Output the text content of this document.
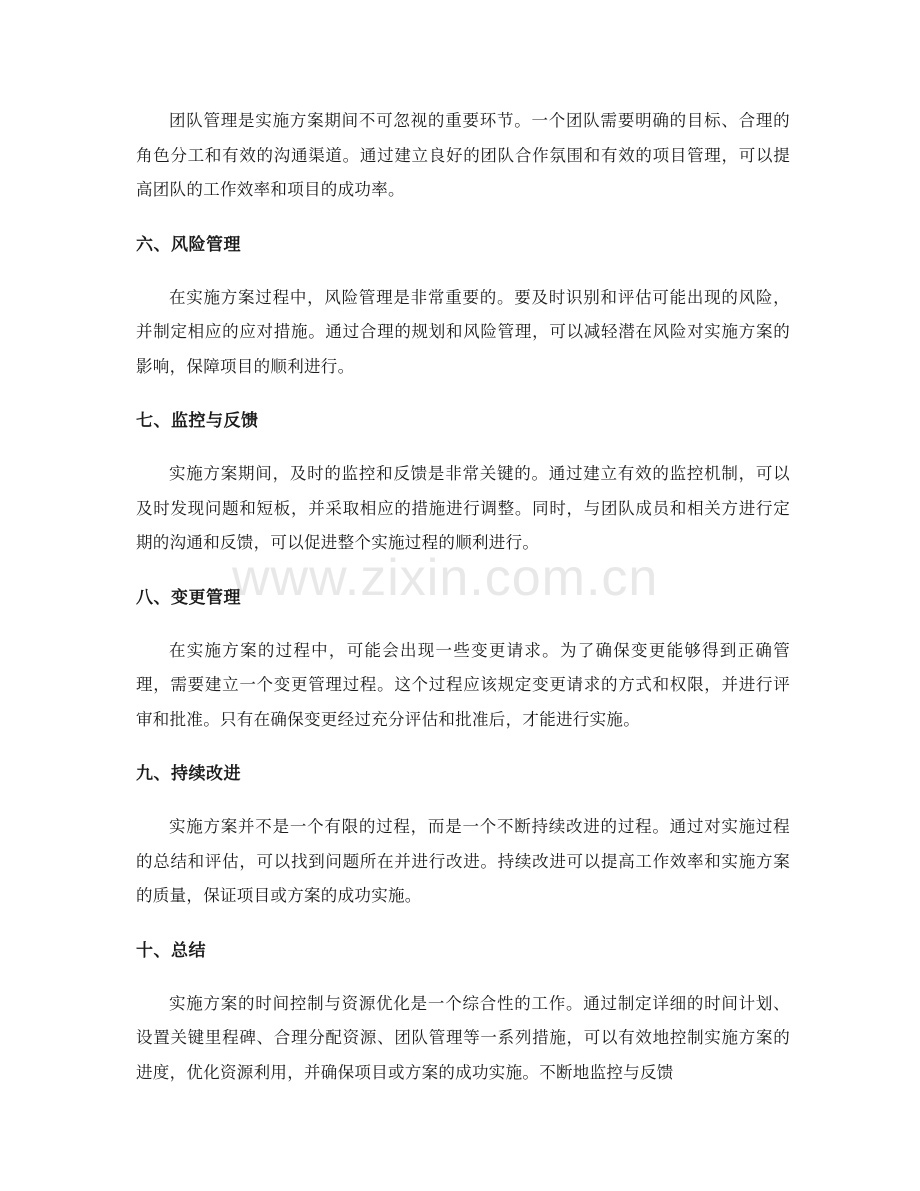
团队管理是实施方案期间不可忽视的重要环节。一个团队需要明确的目标、合理的角色分工和有效的沟通渠道。通过建立良好的团队合作氛围和有效的项目管理，可以提高团队的工作效率和项目的成功率。

六、风险管理

在实施方案过程中，风险管理是非常重要的。要及时识别和评估可能出现的风险，并制定相应的应对措施。通过合理的规划和风险管理，可以减轻潜在风险对实施方案的影响，保障项目的顺利进行。

七、监控与反馈

实施方案期间，及时的监控和反馈是非常关键的。通过建立有效的监控机制，可以及时发现问题和短板，并采取相应的措施进行调整。同时，与团队成员和相关方进行定期的沟通和反馈，可以促进整个实施过程的顺利进行。

八、变更管理

在实施方案的过程中，可能会出现一些变更请求。为了确保变更能够得到正确管理，需要建立一个变更管理过程。这个过程应该规定变更请求的方式和权限，并进行评审和批准。只有在确保变更经过充分评估和批准后，才能进行实施。

九、持续改进

实施方案并不是一个有限的过程，而是一个不断持续改进的过程。通过对实施过程的总结和评估，可以找到问题所在并进行改进。持续改进可以提高工作效率和实施方案的质量，保证项目或方案的成功实施。

十、总结

实施方案的时间控制与资源优化是一个综合性的工作。通过制定详细的时间计划、设置关键里程碑、合理分配资源、团队管理等一系列措施，可以有效地控制实施方案的进度，优化资源利用，并确保项目或方案的成功实施。不断地监控与反馈

www.zixin.com.cn
